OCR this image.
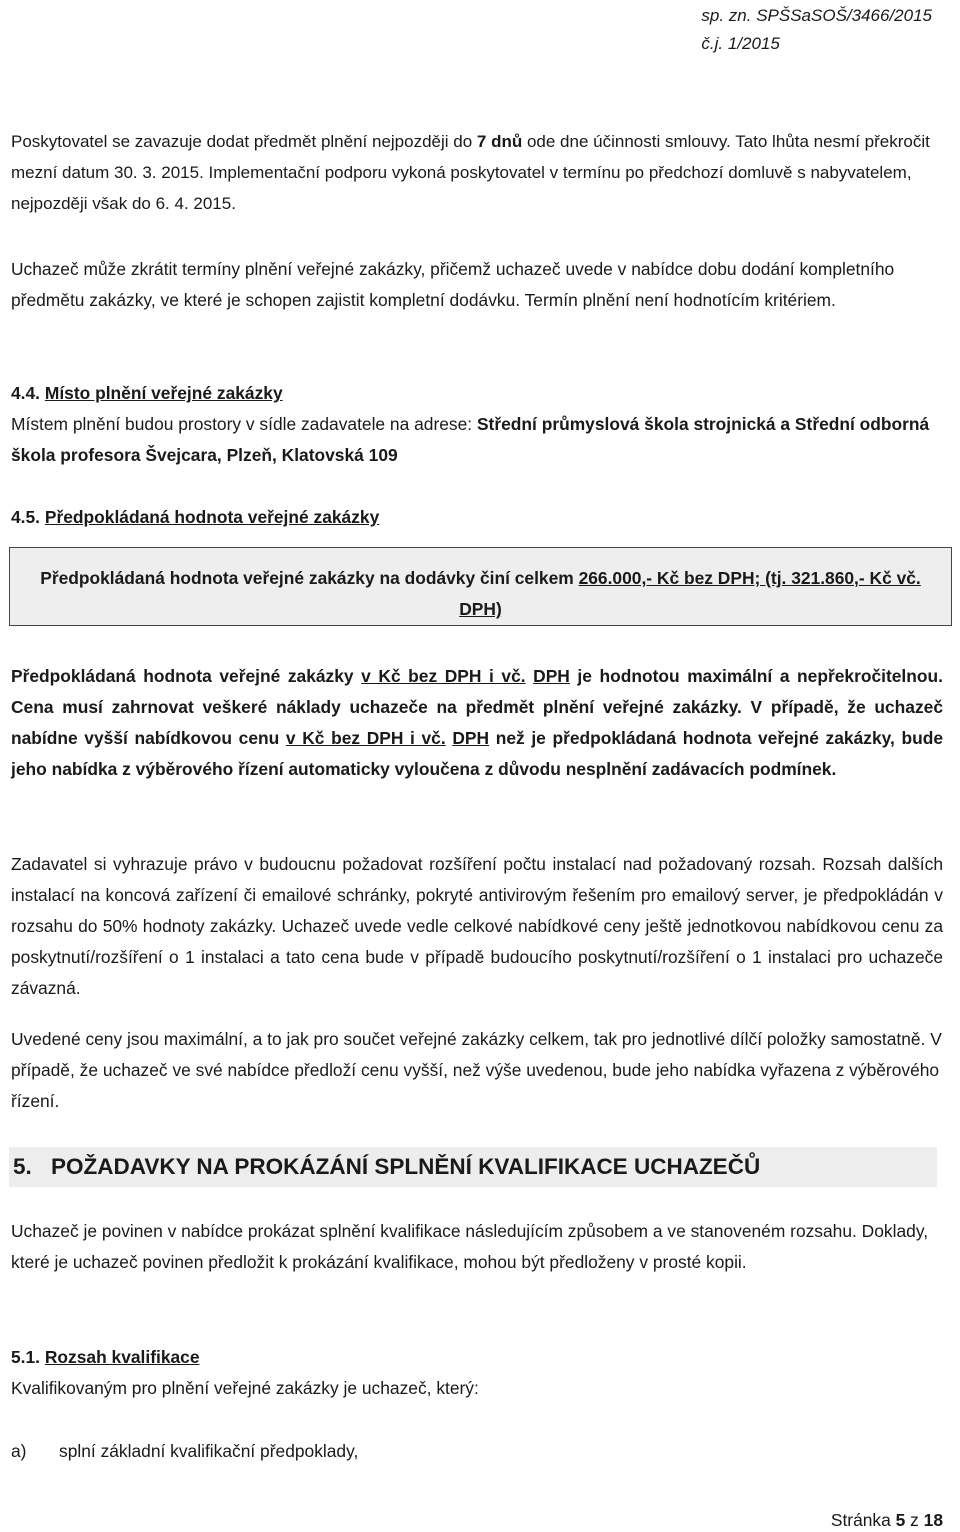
sp. zn. SPŠSaSOŠ/3466/2015
č.j. 1/2015
Poskytovatel se zavazuje dodat předmět plnění nejpozději do 7 dnů ode dne účinnosti smlouvy. Tato lhůta nesmí překročit mezní datum 30. 3. 2015. Implementační podporu vykoná poskytovatel v termínu po předchozí domluvě s nabyvatelem, nejpozději však do 6. 4. 2015.
Uchazeč může zkrátit termíny plnění veřejné zakázky, přičemž uchazeč uvede v nabídce dobu dodání kompletního předmětu zakázky, ve které je schopen zajistit kompletní dodávku. Termín plnění není hodnotícím kritériem.
4.4. Místo plnění veřejné zakázky
Místem plnění budou prostory v sídle zadavatele na adrese: Střední průmyslová škola strojnická a Střední odborná škola profesora Švejcara, Plzeň, Klatovská 109
4.5. Předpokládaná hodnota veřejné zakázky
Předpokládaná hodnota veřejné zakázky na dodávky činí celkem 266.000,- Kč bez DPH; (tj. 321.860,- Kč vč. DPH)
Předpokládaná hodnota veřejné zakázky v Kč bez DPH i vč. DPH je hodnotou maximální a nepřekročitelnou. Cena musí zahrnovat veškeré náklady uchazeče na předmět plnění veřejné zakázky. V případě, že uchazeč nabídne vyšší nabídkovou cenu v Kč bez DPH i vč. DPH než je předpokládaná hodnota veřejné zakázky, bude jeho nabídka z výběrového řízení automaticky vyloučena z důvodu nesplnění zadávacích podmínek.
Zadavatel si vyhrazuje právo v budoucnu požadovat rozšíření počtu instalací nad požadovaný rozsah. Rozsah dalších instalací na koncová zařízení či emailové schránky, pokryté antivirovým řešením pro emailový server, je předpokládán v rozsahu do 50% hodnoty zakázky. Uchazeč uvede vedle celkové nabídkové ceny ještě jednotkovou nabídkovou cenu za poskytnutí/rozšíření o 1 instalaci a tato cena bude v případě budoucího poskytnutí/rozšíření o 1 instalaci pro uchazeče závazná.
Uvedené ceny jsou maximální, a to jak pro součet veřejné zakázky celkem, tak pro jednotlivé dílčí položky samostatně. V případě, že uchazeč ve své nabídce předloží cenu vyšší, než výše uvedenou, bude jeho nabídka vyřazena z výběrového řízení.
5. POŽADAVKY NA PROKÁZÁNÍ SPLNĚNÍ KVALIFIKACE UCHAZEČŮ
Uchazeč je povinen v nabídce prokázat splnění kvalifikace následujícím způsobem a ve stanoveném rozsahu. Doklady, které je uchazeč povinen předložit k prokázání kvalifikace, mohou být předloženy v prosté kopii.
5.1. Rozsah kvalifikace
Kvalifikovaným pro plnění veřejné zakázky je uchazeč, který:
a) splní základní kvalifikační předpoklady,
Stránka 5 z 18
